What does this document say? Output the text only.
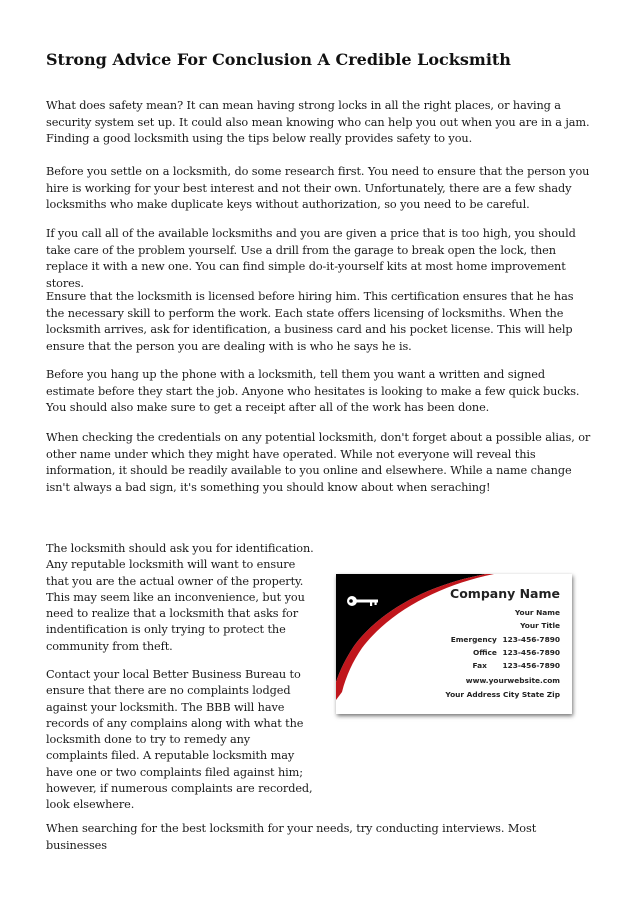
Strong Advice For Conclusion A Credible Locksmith

What does safety mean? It can mean having strong locks in all the right places, or having a security system set up. It could also mean knowing who can help you out when you are in a jam. Finding a good locksmith using the tips below really provides safety to you.

Before you settle on a locksmith, do some research first. You need to ensure that the person you hire is working for your best interest and not their own. Unfortunately, there are a few shady locksmiths who make duplicate keys without authorization, so you need to be careful.

If you call all of the available locksmiths and you are given a price that is too high, you should take care of the problem yourself. Use a drill from the garage to break open the lock, then replace it with a new one. You can find simple do-it-yourself kits at most home improvement stores.

Ensure that the locksmith is licensed before hiring him. This certification ensures that he has the necessary skill to perform the work. Each state offers licensing of locksmiths. When the locksmith arrives, ask for identification, a business card and his pocket license. This will help ensure that the person you are dealing with is who he says he is.

Before you hang up the phone with a locksmith, tell them you want a written and signed estimate before they start the job. Anyone who hesitates is looking to make a few quick bucks. You should also make sure to get a receipt after all of the work has been done.

When checking the credentials on any potential locksmith, don't forget about a possible alias, or other name under which they might have operated. While not everyone will reveal this information, it should be readily available to you online and elsewhere. While a name change isn't always a bad sign, it's something you should know about when seraching!

The locksmith should ask you for identification. Any reputable locksmith will want to ensure that you are the actual owner of the property. This may seem like an inconvenience, but you need to realize that a locksmith that asks for indentification is only trying to protect the community from theft.

Contact your local Better Business Bureau to ensure that there are no complaints lodged against your locksmith. The BBB will have records of any complains along with what the locksmith done to try to remedy any complaints filed. A reputable locksmith may have one or two complaints filed against him; however, if numerous complaints are recorded, look elsewhere.

When searching for the best locksmith for your needs, try conducting interviews. Most businesses

Company Name
Your Name
Your Title
Emergency 123-456-7890
Office 123-456-7890
Fax 123-456-7890
www.yourwebsite.com
Your Address City State Zip
